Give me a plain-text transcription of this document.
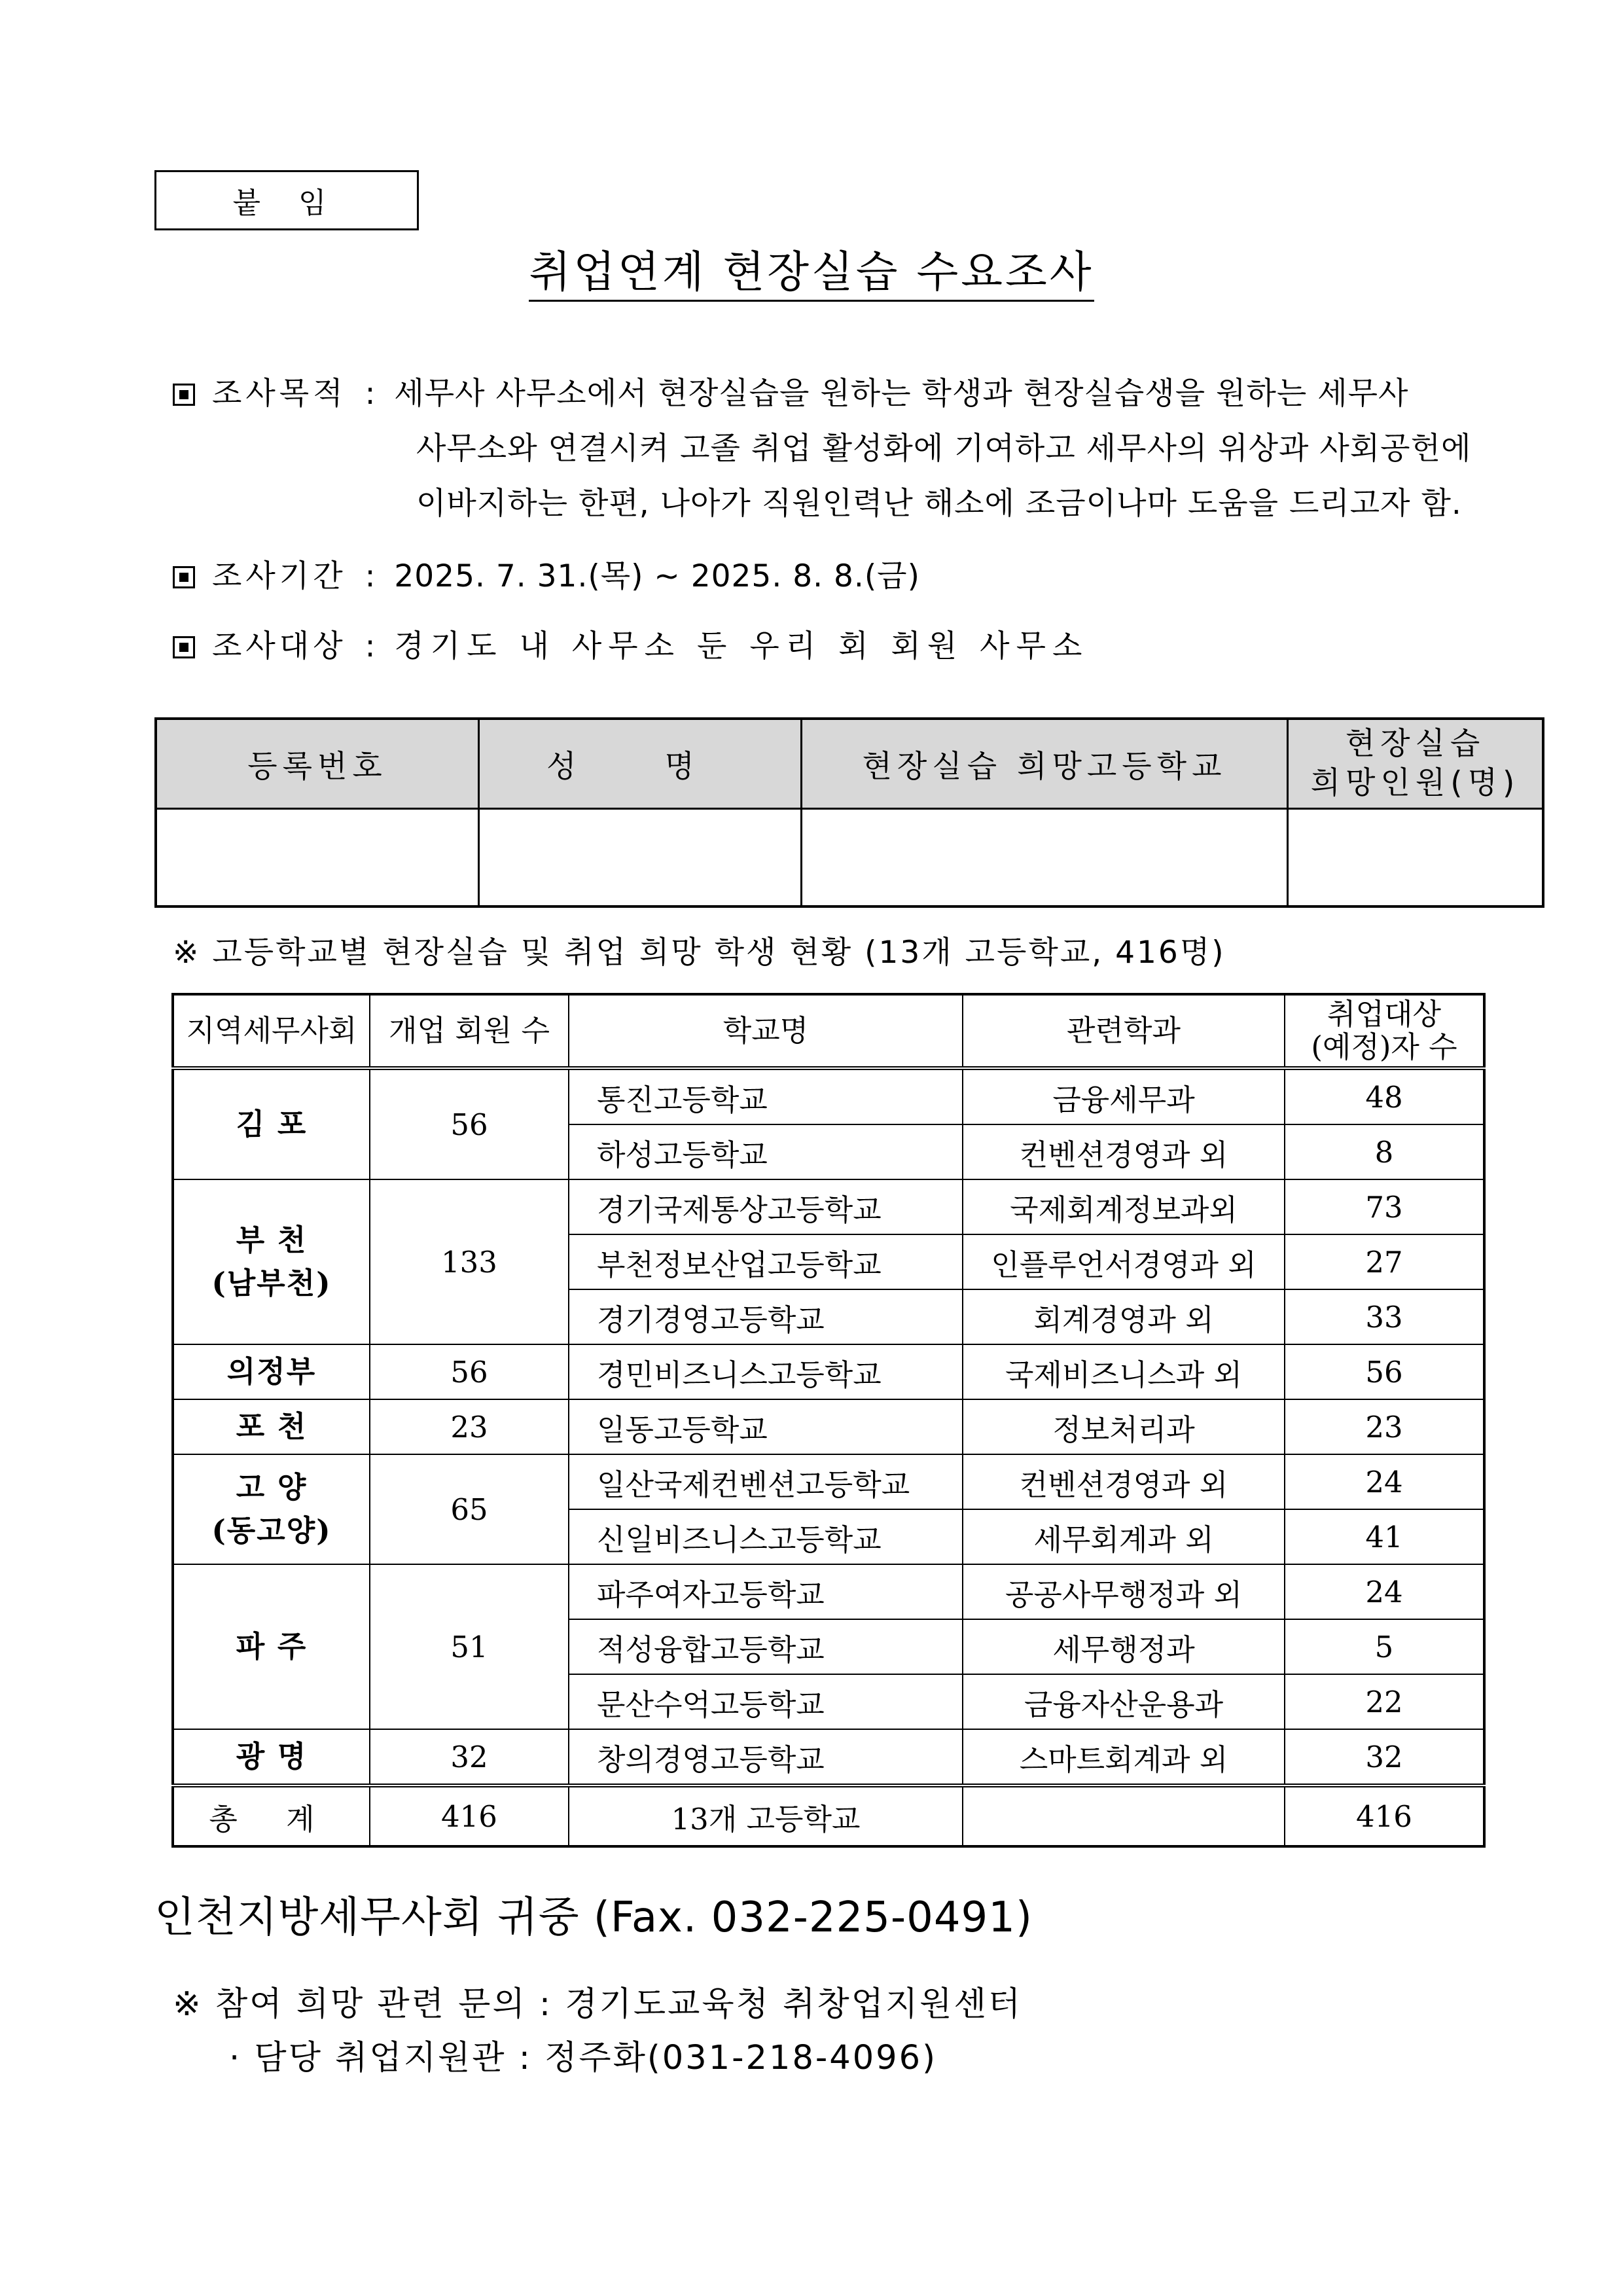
붙 임
취업연계 현장실습 수요조사
조사목적 : 세무사 사무소에서 현장실습을 원하는 학생과 현장실습생을 원하는 세무사
사무소와 연결시켜 고졸 취업 활성화에 기여하고 세무사의 위상과 사회공헌에
이바지하는 한편, 나아가 직원인력난 해소에 조금이나마 도움을 드리고자 함.
조사기간 : 2025. 7. 31.(목) ~ 2025. 8. 8.(금)
조사대상 : 경기도 내 사무소 둔 우리 회 회원 사무소
등록번호	성 명	현장실습 희망고등학교	현장실습
희망인원(명)

※ 고등학교별 현장실습 및 취업 희망 학생 현황 (13개 고등학교, 416명)
지역세무사회	개업 회원 수	학교명	관련학과	취업대상
(예정)자 수

김 포	56	통진고등학교	금융세무과	48
		하성고등학교	컨벤션경영과 외	8

부 천
(남부천)	133	경기국제통상고등학교	국제회계정보과외	73
		부천정보산업고등학교	인플루언서경영과 외	27
		경기경영고등학교	회계경영과 외	33

의정부	56	경민비즈니스고등학교	국제비즈니스과 외	56

포 천	23	일동고등학교	정보처리과	23

고 양
(동고양)	65	일산국제컨벤션고등학교	컨벤션경영과 외	24
		신일비즈니스고등학교	세무회계과 외	41

파 주	51	파주여자고등학교	공공사무행정과 외	24
		적성융합고등학교	세무행정과	5
		문산수억고등학교	금융자산운용과	22

광 명	32	창의경영고등학교	스마트회계과 외	32
총 계	416	13개 고등학교		416
인천지방세무사회 귀중 (Fax. 032-225-0491)
※ 참여 희망 관련 문의 : 경기도교육청 취창업지원센터
· 담당 취업지원관 : 정주화(031-218-4096)
